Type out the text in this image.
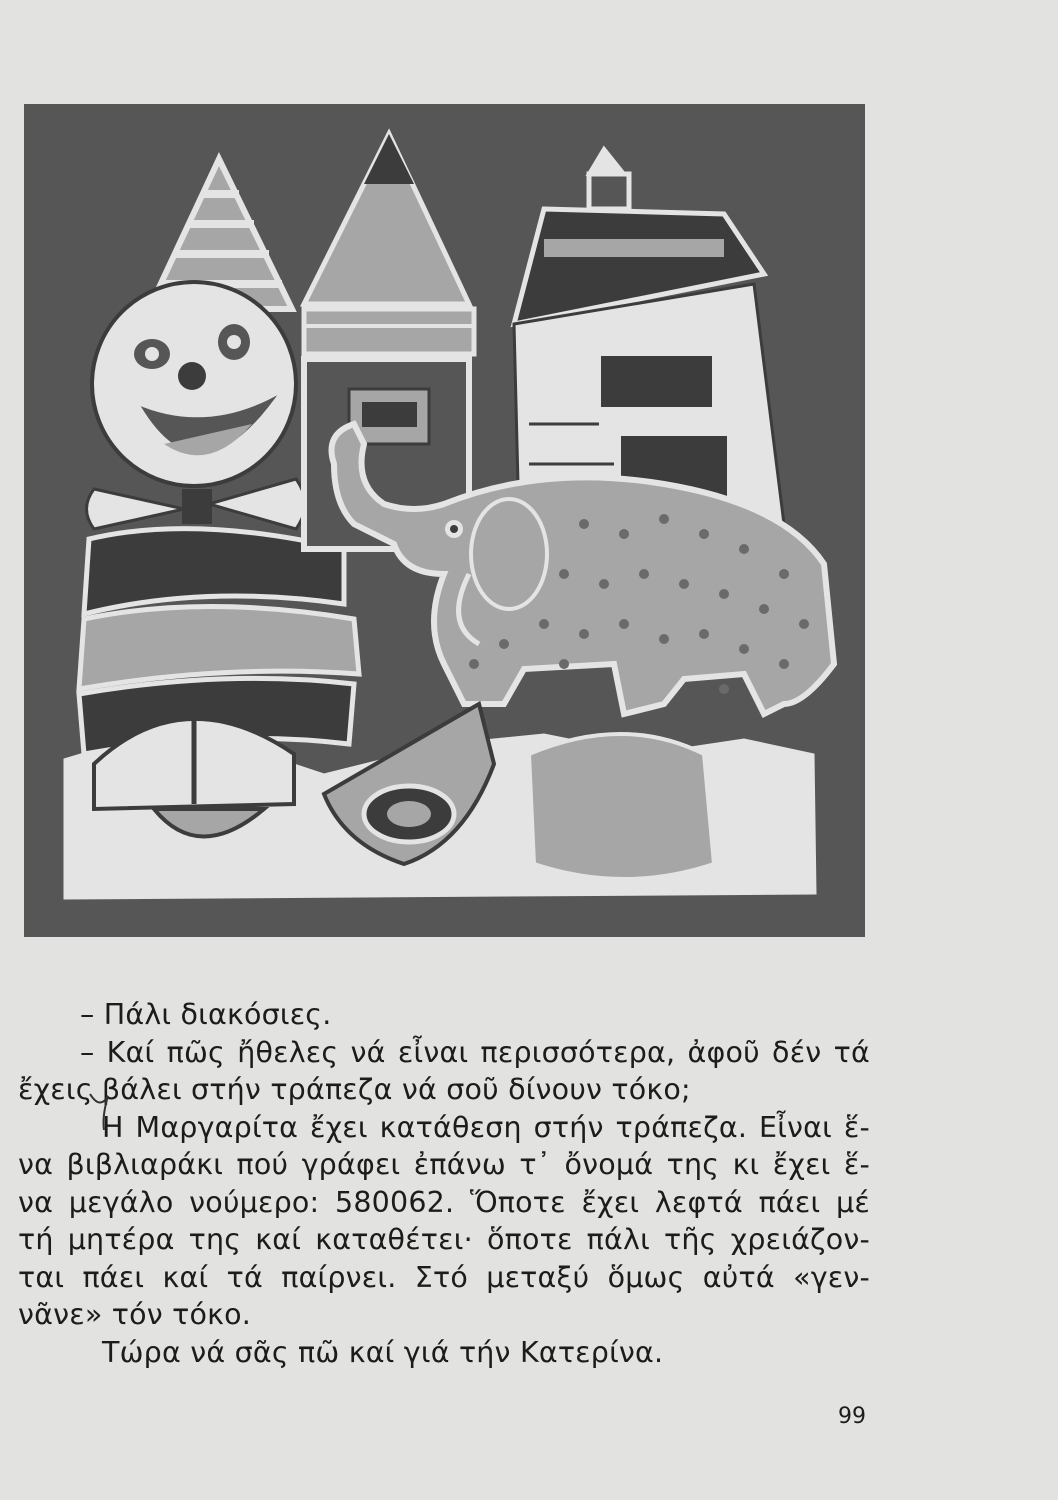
– Πάλι διακόσιες.
– Καί πῶς ἤθελες νά εἶναι περισσότερα, ἀφοῦ δέν τά
ἔχεις βάλει στήν τράπεζα νά σοῦ δίνουν τόκο;
Η Μαργαρίτα ἔχει κατάθεση στήν τράπεζα. Εἶναι ἕ-
να βιβλιαράκι πού γράφει ἐπάνω τ᾿ ὄνομά της κι ἔχει ἕ-
να μεγάλο νούμερο: 580062. Ὅποτε ἔχει λεφτά πάει μέ
τή μητέρα της καί καταθέτει· ὅποτε πάλι τῆς χρειάζον-
ται πάει καί τά παίρνει. Στό μεταξύ ὅμως αὐτά «γεν-
νᾶνε» τόν τόκο.
Τώρα νά σᾶς πῶ καί γιά τήν Κατερίνα.
99
